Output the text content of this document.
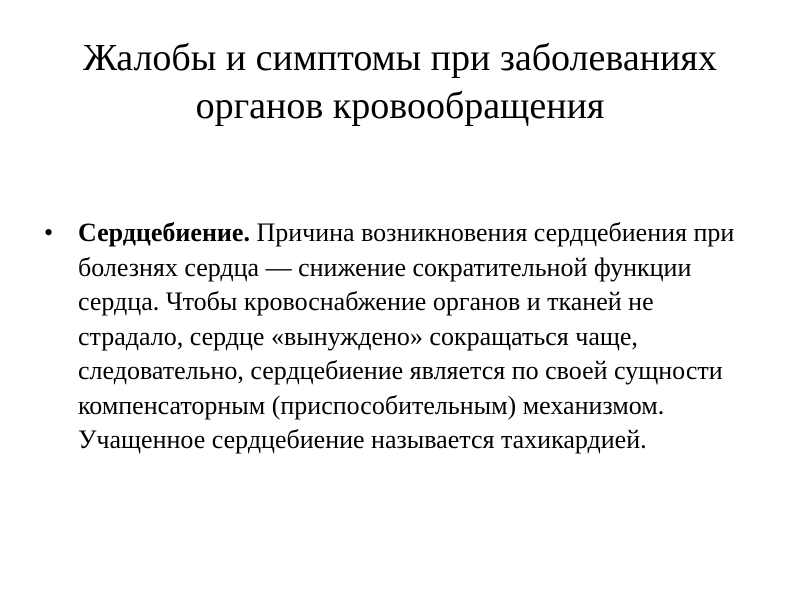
Жалобы и симптомы при заболеваниях
органов кровообращения
• Сердцебиение. Причина возникновения сердцебиения при болезнях сердца — снижение сократительной функции сердца. Чтобы кровоснабжение органов и тканей не страдало, сердце «вынуждено» сокращаться чаще, следовательно, сердцебиение является по своей сущности компенсаторным (приспособительным) механизмом. Учащенное сердцебиение называется тахикардией.
